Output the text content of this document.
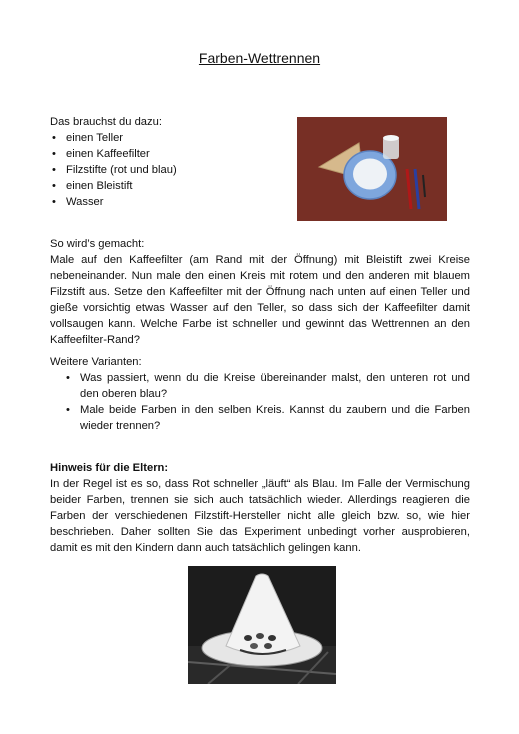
Farben-Wettrennen
Das brauchst du dazu:
• einen Teller
• einen Kaffeefilter
• Filzstifte (rot und blau)
• einen Bleistift
• Wasser
So wird’s gemacht:
Male auf den Kaffeefilter (am Rand mit der Öffnung) mit Bleistift zwei Kreise nebeneinander. Nun male den einen Kreis mit rotem und den anderen mit blauem Filzstift aus. Setze den Kaffeefilter mit der Öffnung nach unten auf einen Teller und gieße vorsichtig etwas Wasser auf den Teller, so dass sich der Kaffeefilter damit vollsaugen kann. Welche Farbe ist schneller und gewinnt das Wettrennen an den Kaffeefilter-Rand?
Weitere Varianten:
• Was passiert, wenn du die Kreise übereinander malst, den unteren rot und den oberen blau?
• Male beide Farben in den selben Kreis. Kannst du zaubern und die Farben wieder trennen?
Hinweis für die Eltern:
In der Regel ist es so, dass Rot schneller „läuft“ als Blau. Im Falle der Vermischung beider Farben, trennen sie sich auch tatsächlich wieder. Allerdings reagieren die Farben der verschiedenen Filzstift-Hersteller nicht alle gleich bzw. so, wie hier beschrieben. Daher sollten Sie das Experiment unbedingt vorher ausprobieren, damit es mit den Kindern dann auch tatsächlich gelingen kann.
